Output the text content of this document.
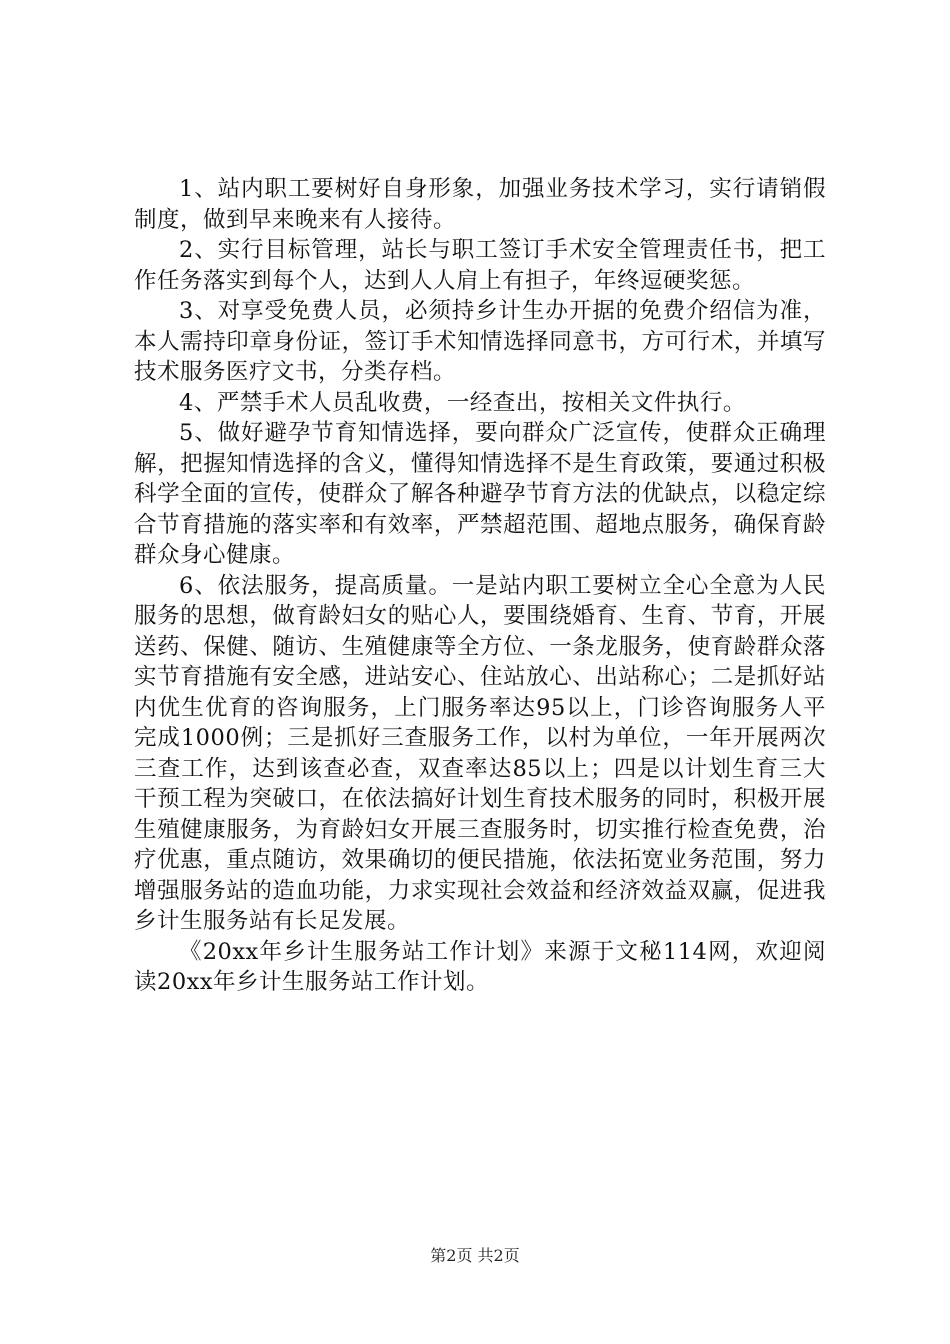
1、站内职工要树好自身形象，加强业务技术学习，实行请销假制度，做到早来晚来有人接待。

2、实行目标管理，站长与职工签订手术安全管理责任书，把工作任务落实到每个人，达到人人肩上有担子，年终逗硬奖惩。

3、对享受免费人员，必须持乡计生办开据的免费介绍信为准，本人需持印章身份证，签订手术知情选择同意书，方可行术，并填写技术服务医疗文书，分类存档。

4、严禁手术人员乱收费，一经查出，按相关文件执行。

5、做好避孕节育知情选择，要向群众广泛宣传，使群众正确理解，把握知情选择的含义，懂得知情选择不是生育政策，要通过积极科学全面的宣传，使群众了解各种避孕节育方法的优缺点，以稳定综合节育措施的落实率和有效率，严禁超范围、超地点服务，确保育龄群众身心健康。

6、依法服务，提高质量。一是站内职工要树立全心全意为人民服务的思想，做育龄妇女的贴心人，要围绕婚育、生育、节育，开展送药、保健、随访、生殖健康等全方位、一条龙服务，使育龄群众落实节育措施有安全感，进站安心、住站放心、出站称心；二是抓好站内优生优育的咨询服务，上门服务率达95以上，门诊咨询服务人平完成1000例；三是抓好三查服务工作，以村为单位，一年开展两次三查工作，达到该查必查，双查率达85以上；四是以计划生育三大干预工程为突破口，在依法搞好计划生育技术服务的同时，积极开展生殖健康服务，为育龄妇女开展三查服务时，切实推行检查免费，治疗优惠，重点随访，效果确切的便民措施，依法拓宽业务范围，努力增强服务站的造血功能，力求实现社会效益和经济效益双赢，促进我乡计生服务站有长足发展。

《20xx年乡计生服务站工作计划》来源于文秘114网，欢迎阅读20xx年乡计生服务站工作计划。

第2页 共2页
